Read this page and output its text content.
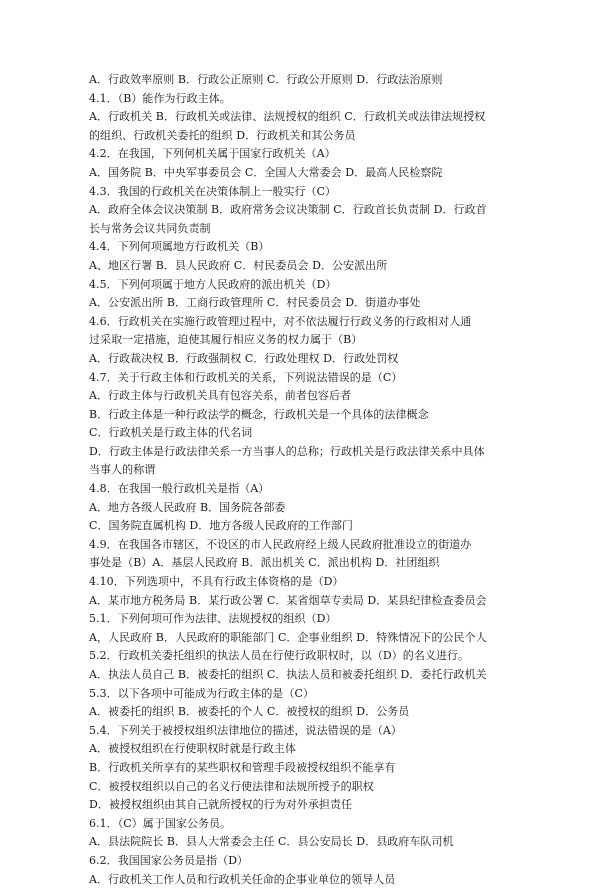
A．行政效率原则 B．行政公正原则 C．行政公开原则 D．行政法治原则
4.1．（B）能作为行政主体。
A．行政机关 B．行政机关或法律、法规授权的组织 C．行政机关或法律法规授权
的组织、行政机关委托的组织 D．行政机关和其公务员
4.2．在我国，下列何机关属于国家行政机关（A）
A．国务院 B．中央军事委员会 C．全国人大常委会 D．最高人民检察院
4.3．我国的行政机关在决策体制上一般实行（C）
A．政府全体会议决策制 B．政府常务会议决策制 C．行政首长负责制 D．行政首
长与常务会议共同负责制
4.4．下列何项属地方行政机关（B）
A、地区行署 B．县人民政府 C．村民委员会 D．公安派出所
4.5．下列何项属于地方人民政府的派出机关（D）
A．公安派出所 B．工商行政管理所 C．村民委员会 D．街道办事处
4.6．行政机关在实施行政管理过程中，对不依法履行行政义务的行政相对人通
过采取一定措施，迫使其履行相应义务的权力属于（B）
A．行政裁决权 B．行政强制权 C．行政处理权 D．行政处罚权
4.7．关于行政主体和行政机关的关系，下列说法错误的是（C）
A．行政主体与行政机关具有包容关系，前者包容后者
B．行政主体是一种行政法学的概念，行政机关是一个具体的法律概念
C．行政机关是行政主体的代名词
D．行政主体是行政法律关系一方当事人的总称；行政机关是行政法律关系中具体
当事人的称谓
4.8．在我国一般行政机关是指（A）
A．地方各级人民政府 B．国务院各部委
C．国务院直属机构 D．地方各级人民政府的工作部门
4.9．在我国各市辖区，不设区的市人民政府经上级人民政府批准设立的街道办
事处是（B）A．基层人民政府 B．派出机关 C．派出机构 D．社团组织
4.10．下列选项中，不具有行政主体资格的是（D）
A．某市地方税务局 B．某行政公署 C．某省烟草专卖局 D．某县纪律检查委员会
5.1．下列何项可作为法律、法规授权的组织（D）
A，人民政府 B．人民政府的职能部门 C．企事业组织 D．特殊情况下的公民个人
5.2．行政机关委托组织的执法人员在行使行政职权时，以（D）的名义进行。
A．执法人员自己 B．被委托的组织 C．执法人员和被委托组织 D．委托行政机关
5.3．以下各项中可能成为行政主体的是（C）
A．被委托的组织 B．被委托的个人 C．被授权的组织 D．公务员
5.4．下列关于被授权组织法律地位的描述，说法错误的是（A）
A．被授权组织在行使职权时就是行政主体
B．行政机关所享有的某些职权和管理手段被授权组织不能享有
C．被授权组织以自己的名义行使法律和法规所授予的职权
D．被授权组织由其自己就所授权的行为对外承担责任
6.1．（C）属于国家公务员。
A．县法院院长 B．县人大常委会主任 C．县公安局长 D．县政府车队司机
6.2．我国国家公务员是指（D）
A．行政机关工作人员和行政机关任命的企事业单位的领导人员
